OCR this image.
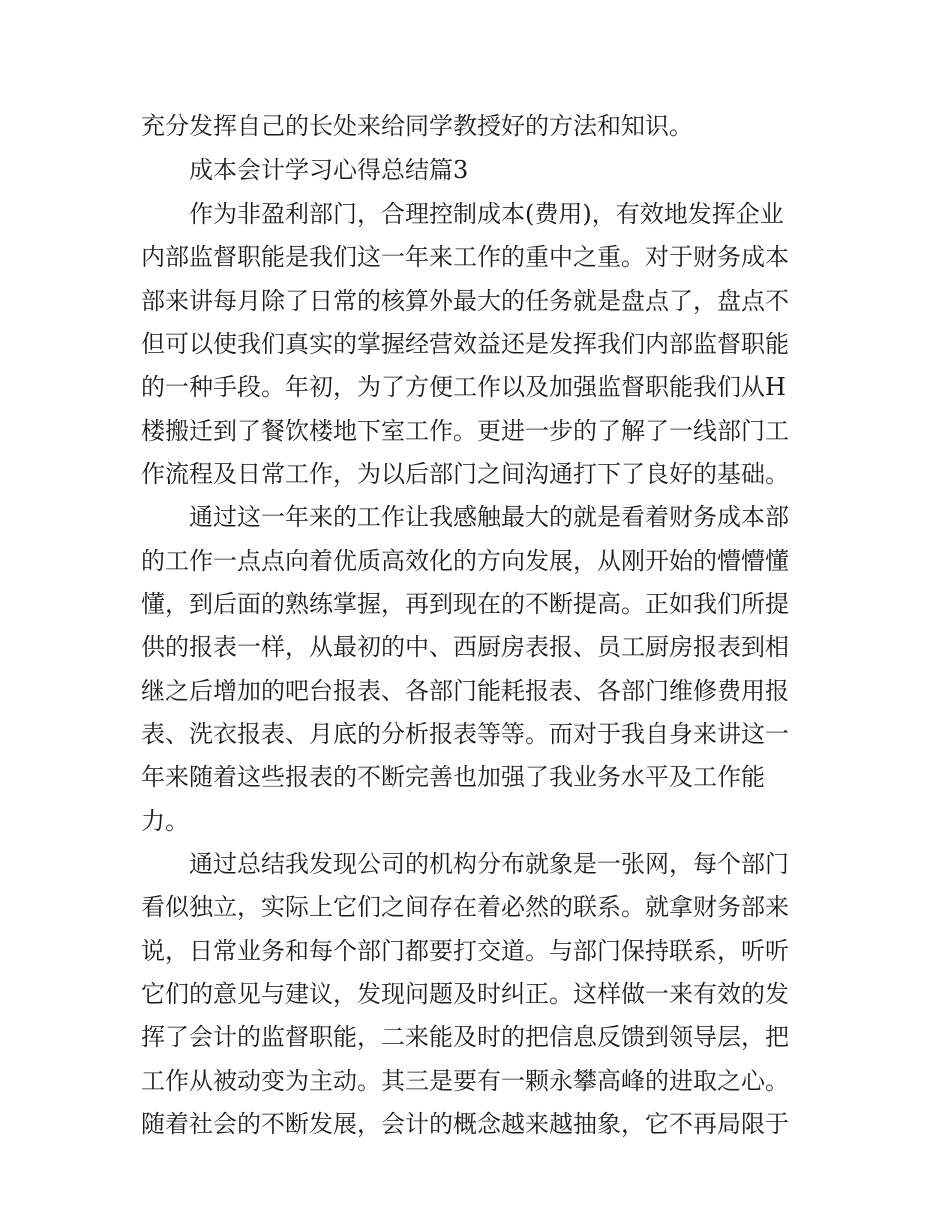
充分发挥自己的长处来给同学教授好的方法和知识。
成本会计学习心得总结篇3
作为非盈利部门，合理控制成本(费用)，有效地发挥企业
内部监督职能是我们这一年来工作的重中之重。对于财务成本
部来讲每月除了日常的核算外最大的任务就是盘点了，盘点不
但可以使我们真实的掌握经营效益还是发挥我们内部监督职能
的一种手段。年初，为了方便工作以及加强监督职能我们从H
楼搬迁到了餐饮楼地下室工作。更进一步的了解了一线部门工
作流程及日常工作，为以后部门之间沟通打下了良好的基础。
通过这一年来的工作让我感触最大的就是看着财务成本部
的工作一点点向着优质高效化的方向发展，从刚开始的懵懵懂
懂，到后面的熟练掌握，再到现在的不断提高。正如我们所提
供的报表一样，从最初的中、西厨房表报、员工厨房报表到相
继之后增加的吧台报表、各部门能耗报表、各部门维修费用报
表、洗衣报表、月底的分析报表等等。而对于我自身来讲这一
年来随着这些报表的不断完善也加强了我业务水平及工作能
力。
通过总结我发现公司的机构分布就象是一张网，每个部门
看似独立，实际上它们之间存在着必然的联系。就拿财务部来
说，日常业务和每个部门都要打交道。与部门保持联系，听听
它们的意见与建议，发现问题及时纠正。这样做一来有效的发
挥了会计的监督职能，二来能及时的把信息反馈到领导层，把
工作从被动变为主动。其三是要有一颗永攀高峰的进取之心。
随着社会的不断发展，会计的概念越来越抽象，它不再局限于
